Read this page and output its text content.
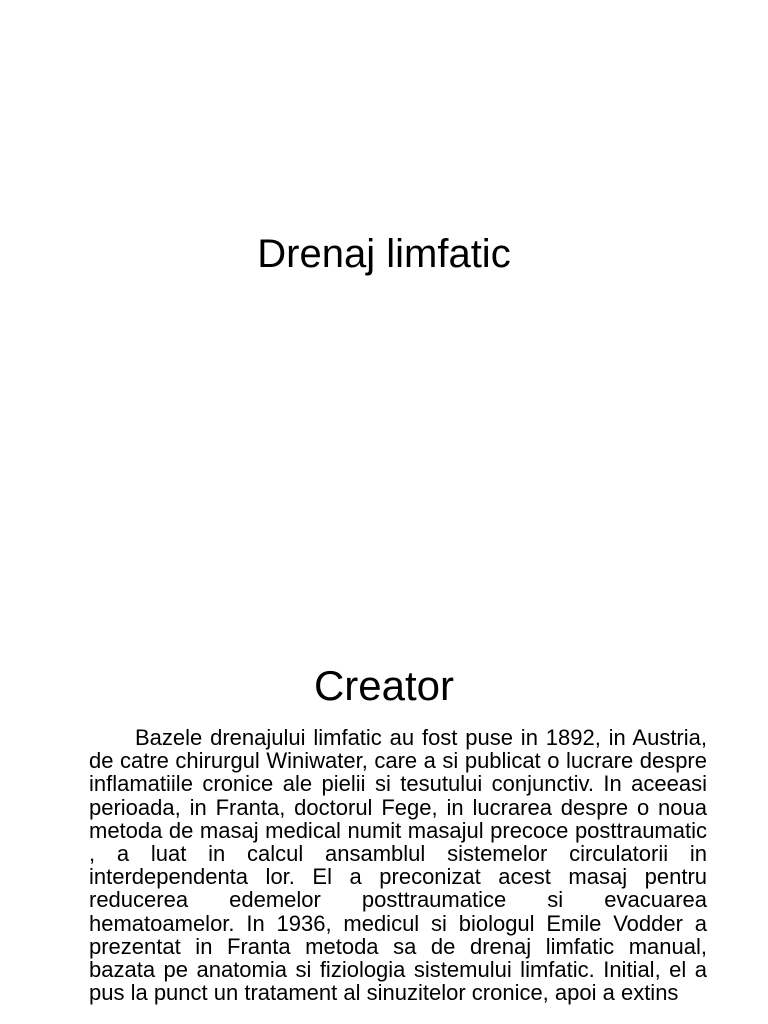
Drenaj limfatic
Creator

Bazele drenajului limfatic au fost puse in 1892, in Austria, de catre chirurgul Winiwater, care a si publicat o lucrare despre inflamatiile cronice ale pielii si tesutului conjunctiv. In aceeasi perioada, in Franta, doctorul Fege, in lucrarea despre o noua metoda de masaj medical numit masajul precoce posttraumatic , a luat in calcul ansamblul sistemelor circulatorii in interdependenta lor. El a preconizat acest masaj pentru reducerea edemelor posttraumatice si evacuarea hematoamelor. In 1936, medicul si biologul Emile Vodder a prezentat in Franta metoda sa de drenaj limfatic manual, bazata pe anatomia si fiziologia sistemului limfatic. Initial, el a pus la punct un tratament al sinuzitelor cronice, apoi a extins
